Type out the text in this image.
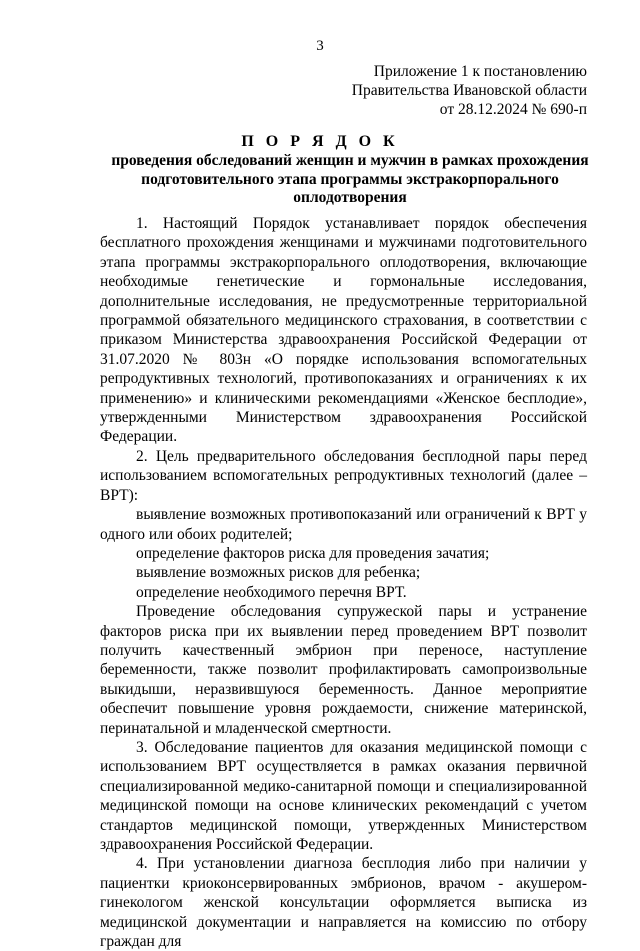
3
Приложение 1 к постановлению
Правительства Ивановской области
от 28.12.2024 № 690-п
П О Р Я Д О К
проведения обследований женщин и мужчин в рамках прохождения подготовительного этапа программы экстракорпорального оплодотворения

1. Настоящий Порядок устанавливает порядок обеспечения бесплатного прохождения женщинами и мужчинами подготовительного этапа программы экстракорпорального оплодотворения, включающие необходимые генетические и гормональные исследования, дополнительные исследования, не предусмотренные территориальной программой обязательного медицинского страхования, в соответствии с приказом Министерства здравоохранения Российской Федерации от 31.07.2020 № 803н «О порядке использования вспомогательных репродуктивных технологий, противопоказаниях и ограничениях к их применению» и клиническими рекомендациями «Женское бесплодие», утвержденными Министерством здравоохранения Российской Федерации.

2. Цель предварительного обследования бесплодной пары перед использованием вспомогательных репродуктивных технологий (далее – ВРТ):

выявление возможных противопоказаний или ограничений к ВРТ у одного или обоих родителей;

определение факторов риска для проведения зачатия;

выявление возможных рисков для ребенка;

определение необходимого перечня ВРТ.

Проведение обследования супружеской пары и устранение факторов риска при их выявлении перед проведением ВРТ позволит получить качественный эмбрион при переносе, наступление беременности, также позволит профилактировать самопроизвольные выкидыши, неразвившуюся беременность. Данное мероприятие обеспечит повышение уровня рождаемости, снижение материнской, перинатальной и младенческой смертности.

3. Обследование пациентов для оказания медицинской помощи с использованием ВРТ осуществляется в рамках оказания первичной специализированной медико-санитарной помощи и специализированной медицинской помощи на основе клинических рекомендаций с учетом стандартов медицинской помощи, утвержденных Министерством здравоохранения Российской Федерации.

4. При установлении диагноза бесплодия либо при наличии у пациентки криоконсервированных эмбрионов, врачом - акушером-гинекологом женской консультации оформляется выписка из медицинской документации и направляется на комиссию по отбору граждан для
